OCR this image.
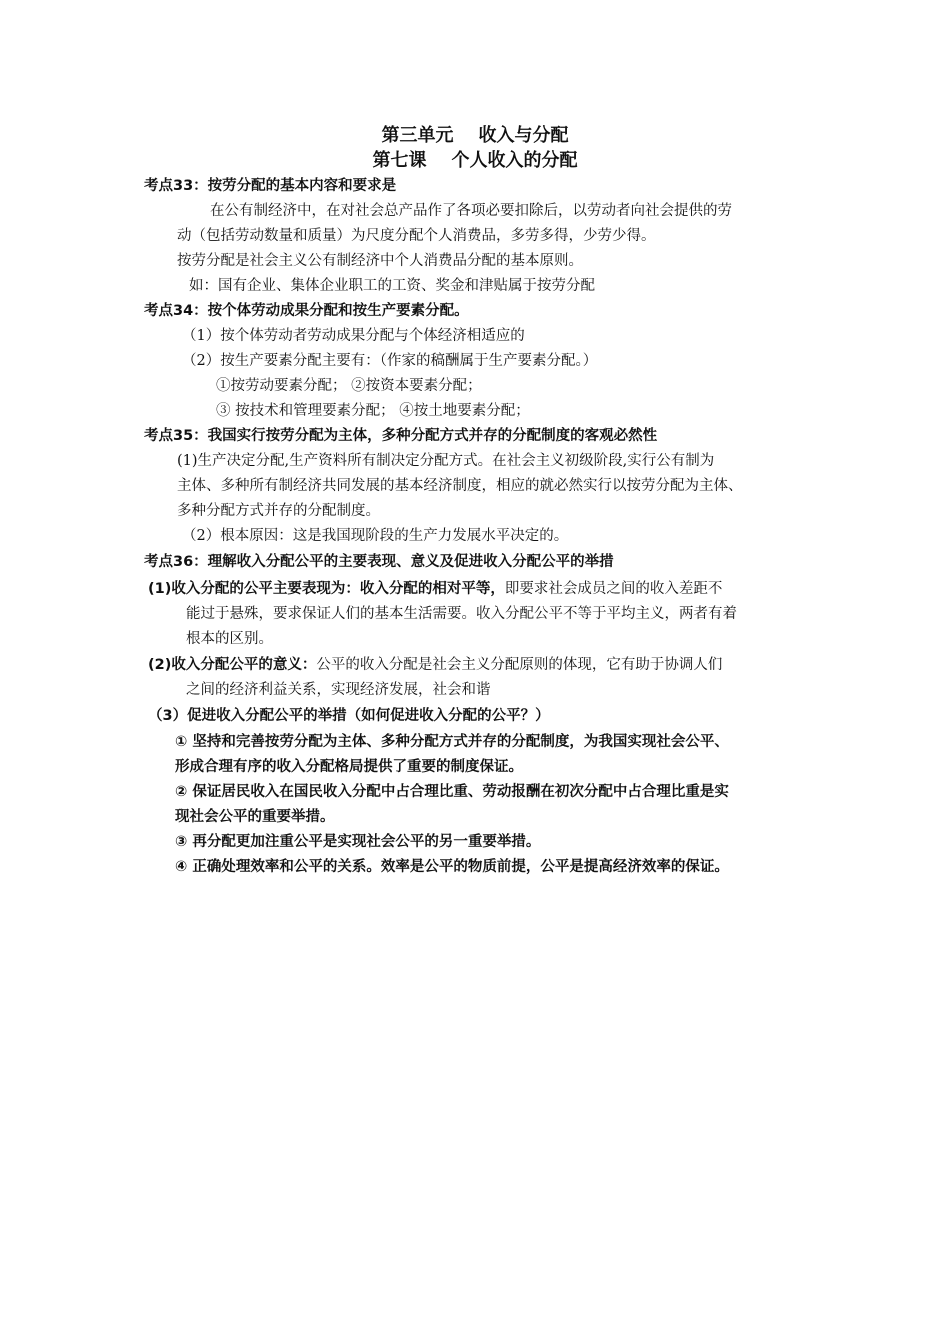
第三单元    收入与分配
第七课    个人收入的分配
考点33：按劳分配的基本内容和要求是
在公有制经济中，在对社会总产品作了各项必要扣除后，以劳动者向社会提供的劳
动（包括劳动数量和质量）为尺度分配个人消费品，多劳多得，少劳少得。
按劳分配是社会主义公有制经济中个人消费品分配的基本原则。
如：国有企业、集体企业职工的工资、奖金和津贴属于按劳分配
考点34：按个体劳动成果分配和按生产要素分配。
（1）按个体劳动者劳动成果分配与个体经济相适应的
（2）按生产要素分配主要有：（作家的稿酬属于生产要素分配。）
①按劳动要素分配； ②按资本要素分配；
③ 按技术和管理要素分配； ④按土地要素分配；
考点35：我国实行按劳分配为主体，多种分配方式并存的分配制度的客观必然性
(1)生产决定分配,生产资料所有制决定分配方式。在社会主义初级阶段,实行公有制为
主体、多种所有制经济共同发展的基本经济制度，相应的就必然实行以按劳分配为主体、
多种分配方式并存的分配制度。
（2）根本原因：这是我国现阶段的生产力发展水平决定的。
考点36：理解收入分配公平的主要表现、意义及促进收入分配公平的举措
(1)收入分配的公平主要表现为：收入分配的相对平等，即要求社会成员之间的收入差距不
能过于悬殊，要求保证人们的基本生活需要。收入分配公平不等于平均主义，两者有着
根本的区别。
(2)收入分配公平的意义：公平的收入分配是社会主义分配原则的体现，它有助于协调人们
之间的经济利益关系，实现经济发展，社会和谐
（3）促进收入分配公平的举措（如何促进收入分配的公平？）
① 坚持和完善按劳分配为主体、多种分配方式并存的分配制度，为我国实现社会公平、
形成合理有序的收入分配格局提供了重要的制度保证。
② 保证居民收入在国民收入分配中占合理比重、劳动报酬在初次分配中占合理比重是实
现社会公平的重要举措。
③ 再分配更加注重公平是实现社会公平的另一重要举措。
④ 正确处理效率和公平的关系。效率是公平的物质前提，公平是提高经济效率的保证。
